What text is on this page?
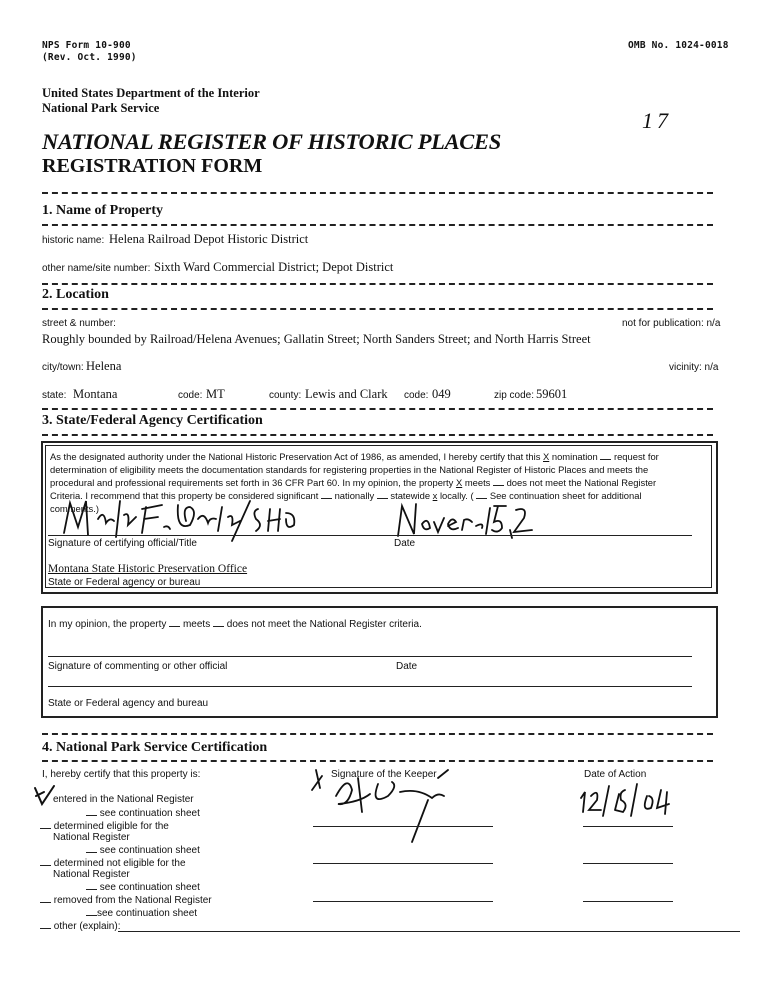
NPS Form 10-900
(Rev. Oct. 1990)
OMB No. 1024-0018
17
United States Department of the Interior
National Park Service
NATIONAL REGISTER OF HISTORIC PLACES
REGISTRATION FORM
1. Name of Property
historic name: Helena Railroad Depot Historic District
other name/site number: Sixth Ward Commercial District; Depot District
2. Location
street & number:	not for publication: n/a
Roughly bounded by Railroad/Helena Avenues; Gallatin Street; North Sanders Street; and North Harris Street
city/town: Helena	vicinity: n/a
state: Montana	code: MT	county: Lewis and Clark code: 049	zip code: 59601
3. State/Federal Agency Certification
As the designated authority under the National Historic Preservation Act of 1986, as amended, I hereby certify that this X nomination request for determination of eligibility meets the documentation standards for registering properties in the National Register of Historic Places and meets the procedural and professional requirements set forth in 36 CFR Part 60. In my opinion, the property X meets does not meet the National Register Criteria. I recommend that this property be considered significant nationally statewide x locally. ( See continuation sheet for additional comments.)
Signature of certifying official/Title	Date
Montana State Historic Preservation Office
State or Federal agency or bureau
In my opinion, the property meets does not meet the National Register criteria.
Signature of commenting or other official	Date
State or Federal agency and bureau
4. National Park Service Certification
I, hereby certify that this property is:	Signature of the Keeper	Date of Action
entered in the National Register
see continuation sheet
determined eligible for the
National Register
see continuation sheet
determined not eligible for the
National Register
see continuation sheet
removed from the National Register
see continuation sheet
other (explain):
